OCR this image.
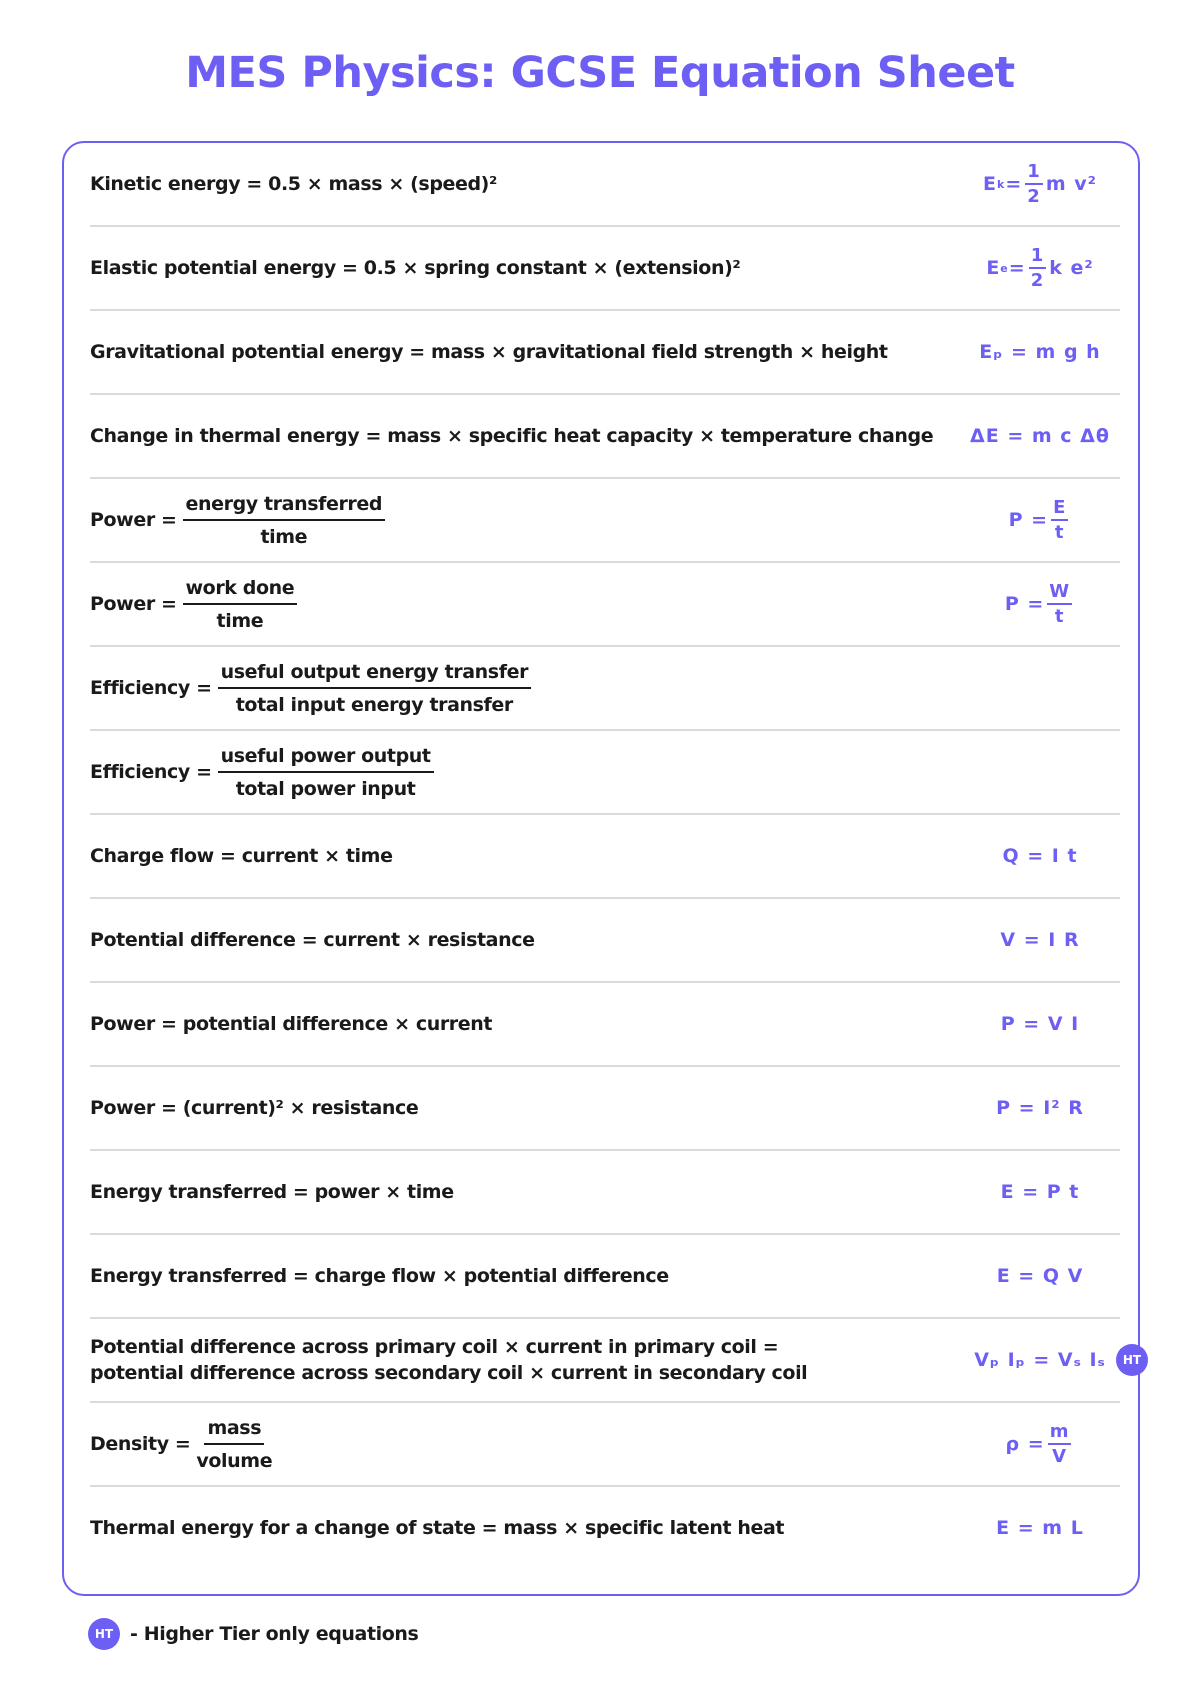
MES Physics: GCSE Equation Sheet
Kinetic energy = 0.5 × mass × (speed)²	E $k = \frac{1}{2}$ m v²
Elastic potential energy = 0.5 × spring constant × (extension)²	E $e = \frac{1}{2}$ k e²
Gravitational potential energy = mass × gravitational field strength × height	Eₚ = m g h
Change in thermal energy = mass × specific heat capacity × temperature change	ΔE = m c Δθ
Power = $\frac{\text{energy transferred}}{\text{time}}$	$P = \frac{E}{t}$
Power = $\frac{\text{work done}}{\text{time}}$	$P = \frac{W}{t}$
Efficiency = $\frac{\text{useful output energy transfer}}{\text{total input energy transfer}}$
Efficiency = $\frac{\text{useful power output}}{\text{total power input}}$
Charge flow = current × time	Q = I t
Potential difference = current × resistance	V = I R
Power = potential difference × current	P = V I
Power = (current)² × resistance	P = I² R
Energy transferred = power × time	E = P t
Energy transferred = charge flow × potential difference	E = Q V
Potential difference across primary coil × current in primary coil =
potential difference across secondary coil × current in secondary coil
Vₚ Iₚ = Vₛ Iₛ	HT
Density = $\frac{\text{mass}}{\text{volume}}$	$\rho = \frac{m}{V}$
Thermal energy for a change of state = mass × specific latent heat	E = m L
HT - Higher Tier only equations
